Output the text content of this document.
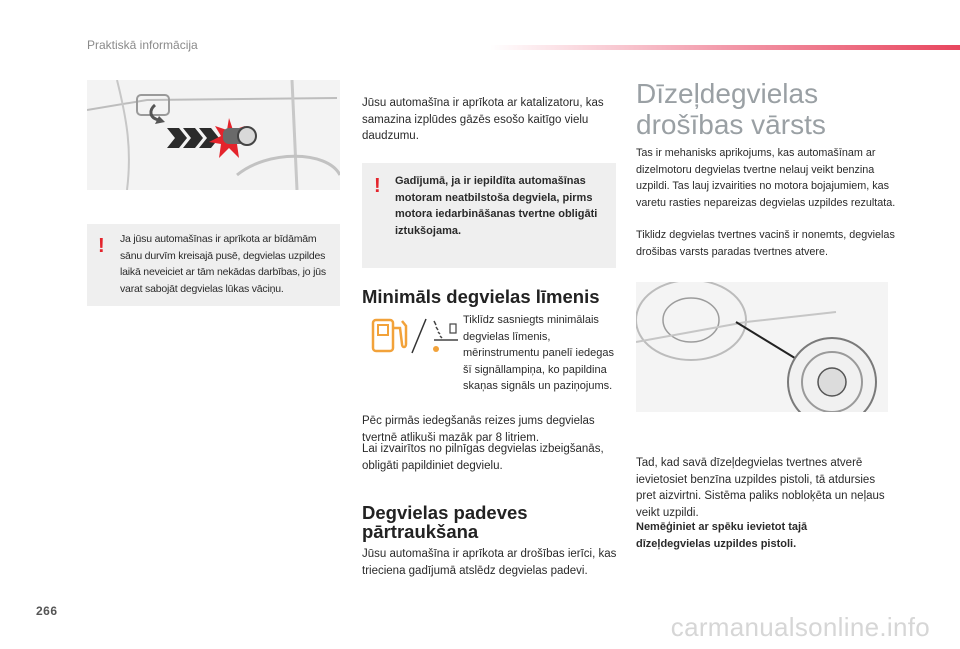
Praktiskā informācija
! Ja jūsu automašīnas ir aprīkota ar bīdāmām sānu durvīm kreisajā pusē, degvielas uzpildes laikā neveiciet ar tām nekādas darbības, jo jūs varat sabojāt degvielas lūkas vāciņu.

Jūsu automašīna ir aprīkota ar katalizatoru, kas samazina izplūdes gāzēs esošo kaitīgo vielu daudzumu.

! Gadījumā, ja ir iepildīta automašīnas motoram neatbilstoša degviela, pirms motora iedarbināšanas tvertne obligāti iztukšojama.

Minimāls degvielas līmenis

Tiklīdz sasniegts minimālais degvielas līmenis, mērinstrumentu panelī iedegas šī signāllampiņa, ko papildina skaņas signāls un paziņojums.

Pēc pirmās iedegšanās reizes jums degvielas tvertnē atlikuši mazāk par 8 litriem.

Lai izvairītos no pilnīgas degvielas izbeigšanās, obligāti papildiniet degvielu.

Degvielas padeves pārtraukšana

Jūsu automašīna ir aprīkota ar drošības ierīci, kas trieciena gadījumā atslēdz degvielas padevi.

Dīzeļdegvielas drošības vārsts

Tas ir mehanisks aprikojums, kas automašīnam ar dizelmotoru degvielas tvertne nelauj veikt benzina uzpildi. Tas lauj izvairities no motora bojajumiem, kas varetu rasties nepareizas degvielas uzpildes rezultata.

Tiklidz degvielas tvertnes vacinš ir nonemts, degvielas drošibas varsts paradas tvertnes atvere.

Tad, kad savā dīzeļdegvielas tvertnes atverē ievietosiet benzīna uzpildes pistoli, tā atdursies pret aizvirtni. Sistēma paliks nobloķēta un neļaus veikt uzpildi.

Nemēģiniet ar spēku ievietot tajā dīzeļdegvielas uzpildes pistoli.

266
carmanualsonline.info
